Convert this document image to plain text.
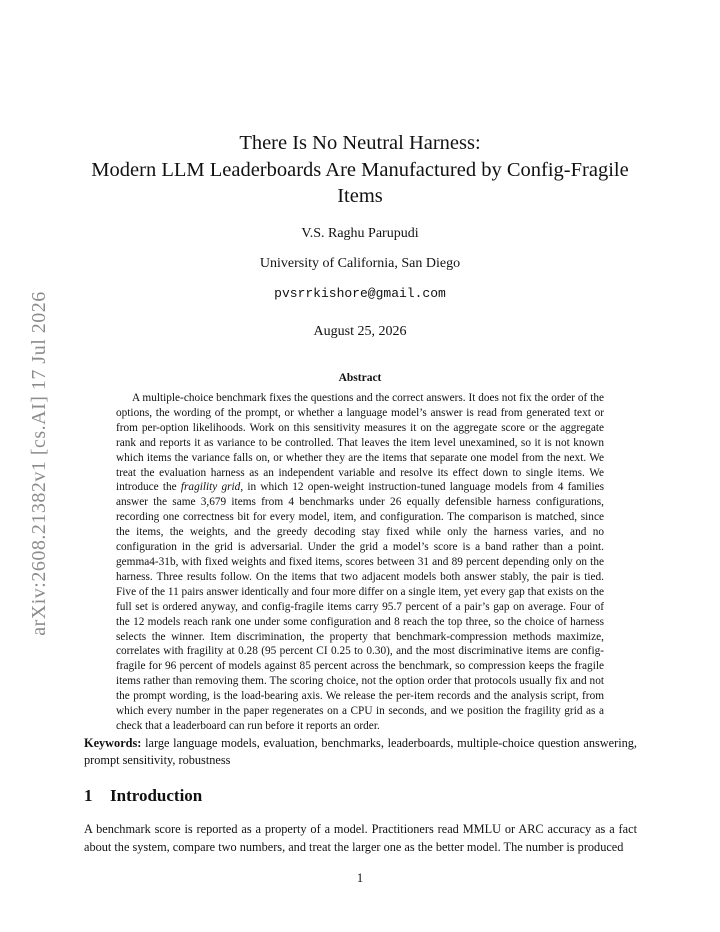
arXiv:2608.21382v1 [cs.AI] 17 Jul 2026
There Is No Neutral Harness:
Modern LLM Leaderboards Are Manufactured by Config-Fragile
Items
V.S. Raghu Parupudi
University of California, San Diego
pvsrrkishore@gmail.com
August 25, 2026
Abstract

A multiple-choice benchmark fixes the questions and the correct answers. It does not fix the order of the options, the wording of the prompt, or whether a language model’s answer is read from generated text or from per-option likelihoods. Work on this sensitivity measures it on the aggregate score or the aggregate rank and reports it as variance to be controlled. That leaves the item level unexamined, so it is not known which items the variance falls on, or whether they are the items that separate one model from the next. We treat the evaluation harness as an independent variable and resolve its effect down to single items. We introduce the fragility grid, in which 12 open-weight instruction-tuned language models from 4 families answer the same 3,679 items from 4 benchmarks under 26 equally defensible harness configurations, recording one correctness bit for every model, item, and configuration. The comparison is matched, since the items, the weights, and the greedy decoding stay fixed while only the harness varies, and no configuration in the grid is adversarial. Under the grid a model’s score is a band rather than a point. gemma4-31b, with fixed weights and fixed items, scores between 31 and 89 percent depending only on the harness. Three results follow. On the items that two adjacent models both answer stably, the pair is tied. Five of the 11 pairs answer identically and four more differ on a single item, yet every gap that exists on the full set is ordered anyway, and config-fragile items carry 95.7 percent of a pair’s gap on average. Four of the 12 models reach rank one under some configuration and 8 reach the top three, so the choice of harness selects the winner. Item discrimination, the property that benchmark-compression methods maximize, correlates with fragility at 0.28 (95 percent CI 0.25 to 0.30), and the most discriminative items are config-fragile for 96 percent of models against 85 percent across the benchmark, so compression keeps the fragile items rather than removing them. The scoring choice, not the option order that protocols usually fix and not the prompt wording, is the load-bearing axis. We release the per-item records and the analysis script, from which every number in the paper regenerates on a CPU in seconds, and we position the fragility grid as a check that a leaderboard can run before it reports an order.

Keywords: large language models, evaluation, benchmarks, leaderboards, multiple-choice question answering, prompt sensitivity, robustness

1 Introduction

A benchmark score is reported as a property of a model. Practitioners read MMLU or ARC accuracy as a fact about the system, compare two numbers, and treat the larger one as the better model. The number is produced

1
